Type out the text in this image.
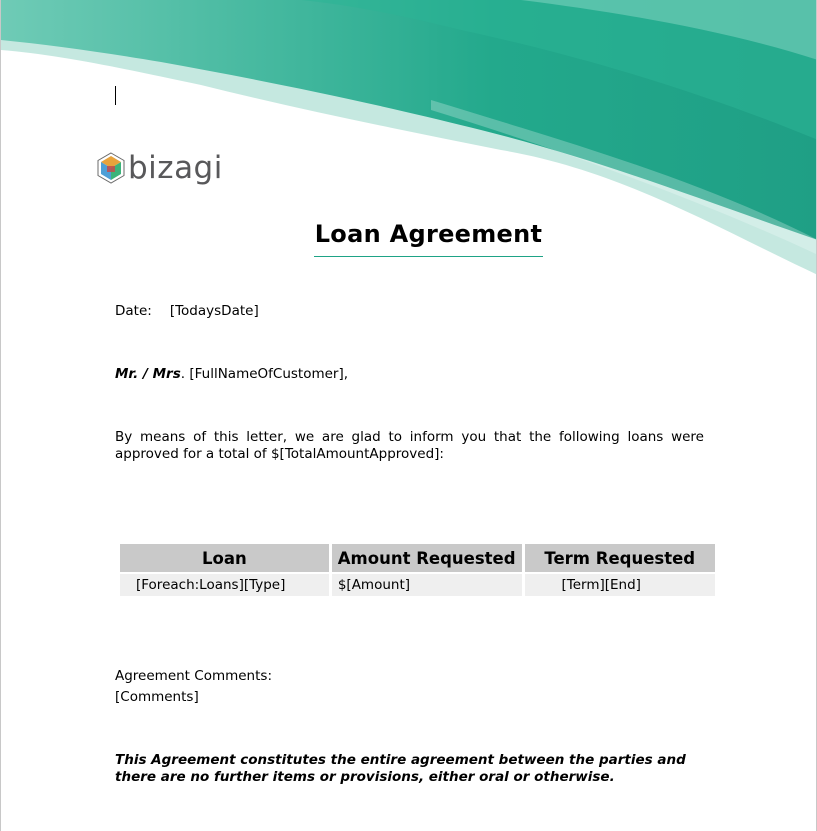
bizagi
Loan Agreement
Date: [TodaysDate]
Mr. / Mrs. [FullNameOfCustomer],
By means of this letter, we are glad to inform you that the following loans were approved for a total of $[TotalAmountApproved]:
Loan	Amount Requested	Term Requested
[Foreach:Loans][Type]	$[Amount]	[Term][End]
Agreement Comments:
[Comments]
This Agreement constitutes the entire agreement between the parties and there are no further items or provisions, either oral or otherwise.
